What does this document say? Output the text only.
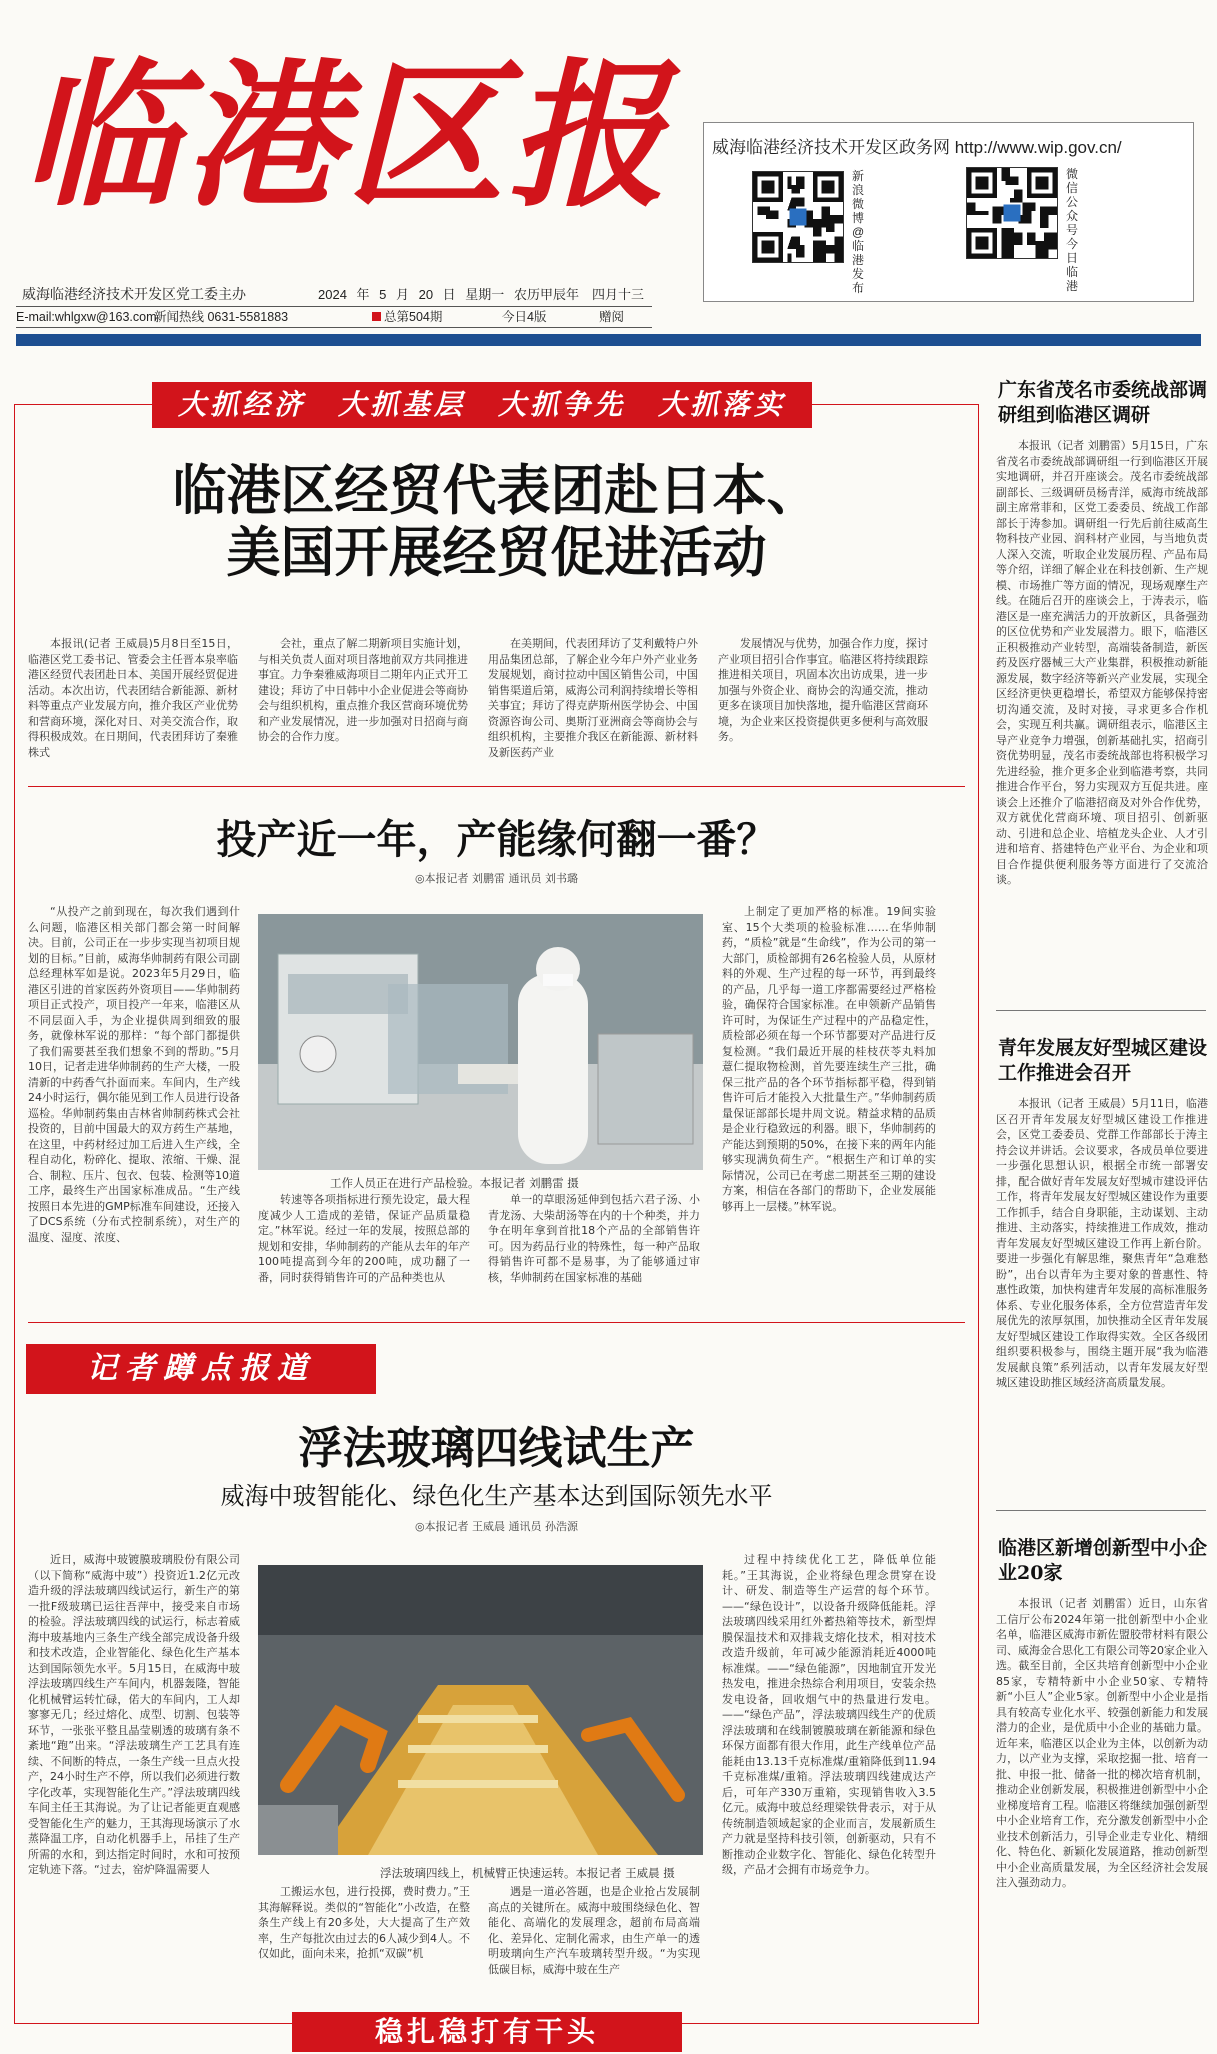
临港区报
威海临港经济技术开发区党工委主办	2024 年 5 月 20 日 星期一 农历甲辰年　四月十三
E-mail:whlgxw@163.com
新闻热线 0631-5581883	总第504期	今日4版	赠阅
威海临港经济技术开发区政务网 http://www.wip.gov.cn/
新浪微博@临港发布
微信公众号今日临港
大抓经济　大抓基层　大抓争先　大抓落实
临港区经贸代表团赴日本、
美国开展经贸促进活动
本报讯(记者 王威晨)5月8日至15日，临港区党工委书记、管委会主任晋本泉率临港区经贸代表团赴日本、美国开展经贸促进活动。本次出访，代表团结合新能源、新材料等重点产业发展方向，推介我区产业优势和营商环境，深化对日、对美交流合作，取得积极成效。在日期间，代表团拜访了秦雅株式
会社，重点了解二期新项目实施计划，与相关负责人面对项目落地前双方共同推进事宜。力争秦雅威海项目二期年内正式开工建设；拜访了中日韩中小企业促进会等商协会与组织机构，重点推介我区营商环境优势和产业发展情况，进一步加强对日招商与商协会的合作力度。
在美期间，代表团拜访了艾利戴特户外用品集团总部，了解企业今年户外产业业务发展规划，商讨拉动中国区销售公司，中国销售渠道后第，威海公司利润持续增长等相关事宜；拜访了得克萨斯州医学协会、中国资源咨询公司、奥斯汀亚洲商会等商协会与组织机构，主要推介我区在新能源、新材料及新医药产业
发展情况与优势，加强合作力度，探讨产业项目招引合作事宜。临港区将持续跟踪推进相关项目，巩固本次出访成果，进一步加强与外资企业、商协会的沟通交流，推动更多在谈项目加快落地，提升临港区营商环境，为企业来区投资提供更多便利与高效服务。
投产近一年，产能缘何翻一番？
◎本报记者 刘鹏雷 通讯员 刘书璐
“从投产之前到现在，每次我们遇到什么问题，临港区相关部门都会第一时间解决。目前，公司正在一步步实现当初项目规划的目标。”目前，威海华帅制药有限公司副总经理林军如是说。2023年5月29日，临港区引进的首家医药外资项目——华帅制药项目正式投产，项目投产一年来，临港区从不同层面入手，为企业提供周到细致的服务，就像林军说的那样：“每个部门都提供了我们需要甚至我们想象不到的帮助。”5月10日，记者走进华帅制药的生产大楼，一股清新的中药香气扑面而来。车间内，生产线24小时运行，偶尔能见到工作人员进行设备巡检。华帅制药集由吉林省帅制药株式会社投资的，目前中国最大的双方药生产基地，在这里，中药材经过加工后进入生产线，全程自动化，粉碎化、提取、浓缩、干燥、混合、制粒、压片、包衣、包装、检测等10道工序，最终生产出国家标准成品。“生产线按照日本先进的GMP标准车间建设，还接入了DCS系统（分布式控制系统），对生产的温度、湿度、浓度、
工作人员正在进行产品检验。本报记者 刘鹏雷 摄
转速等各项指标进行预先设定，最大程度减少人工造成的差错，保证产品质量稳定。”林军说。经过一年的发展，按照总部的规划和安排，华帅制药的产能从去年的年产100吨提高到今年的200吨，成功翻了一番，同时获得销售许可的产品种类也从
单一的草眼汤延伸到包括六君子汤、小青龙汤、大柴胡汤等在内的十个种类，并力争在明年拿到首批18个产品的全部销售许可。因为药品行业的特殊性，每一种产品取得销售许可都不是易事，为了能够通过审核，华帅制药在国家标准的基础
上制定了更加严格的标准。19间实验室、15个大类项的检验标准……在华帅制药，“质检”就是“生命线”，作为公司的第一大部门，质检部拥有26名检验人员，从原材料的外观、生产过程的每一环节，再到最终的产品，几乎每一道工序都需要经过严格检验，确保符合国家标准。在申领新产品销售许可时，为保证生产过程中的产品稳定性，质检部必须在每一个环节都要对产品进行反复检测。“我们最近开展的桂枝茯苓丸料加薏仁提取物检测，首先要连续生产三批，确保三批产品的各个环节指标都平稳，得到销售许可后才能投入大批量生产。”华帅制药质量保证部部长堤井周文说。精益求精的品质是企业行稳致远的利器。眼下，华帅制药的产能达到预期的50%，在接下来的两年内能够实现满负荷生产。“根据生产和订单的实际情况，公司已在考虑二期甚至三期的建设方案，相信在各部门的帮助下，企业发展能够再上一层楼。”林军说。
记者蹲点报道
浮法玻璃四线试生产
威海中玻智能化、绿色化生产基本达到国际领先水平
◎本报记者 王威晨 通讯员 孙浩源
近日，威海中玻镀膜玻璃股份有限公司（以下简称“威海中玻”）投资近1.2亿元改造升级的浮法玻璃四线试运行，新生产的第一批F级玻璃已运往吾萍中，接受来自市场的检验。浮法玻璃四线的试运行，标志着威海中玻基地内三条生产线全部完成设备升级和技术改造，企业智能化、绿色化生产基本达到国际领先水平。5月15日，在威海中玻浮法玻璃四线生产车间内，机器轰隆，智能化机械臂运转忙碌，偌大的车间内，工人却寥寥无几；经过熔化、成型、切割、包装等环节，一张张平整且晶莹剔透的玻璃有条不紊地“跑”出来。“浮法玻璃生产工艺具有连续、不间断的特点，一条生产线一旦点火投产，24小时生产不停，所以我们必须进行数字化改革，实现智能化生产。”浮法玻璃四线车间主任王其海说。为了让记者能更直观感受智能化生产的魅力，王其海现场演示了水蒸降温工序，自动化机器手上，吊挂了生产所需的水和，到达指定时间时，水和可按预定轨迹下落。“过去，窑炉降温需要人	浮法玻璃四线上，机械臂正快速运转。本报记者 王威晨 摄
工搬运水包，进行投掷，费时费力。”王其海解释说。类似的“智能化”小改造，在整条生产线上有20多处，大大提高了生产效率，生产每批次由过去的6人减少到4人。不仅如此，面向未来，抢抓“双碳”机
遇是一道必答题，也是企业抢占发展制高点的关键所在。威海中玻围绕绿色化、智能化、高端化的发展理念，超前布局高端化、差异化、定制化需求，由生产单一的透明玻璃向生产汽车玻璃转型升级。“为实现低碳目标，威海中玻在生产
过程中持续优化工艺，降低单位能耗。”王其海说，企业将绿色理念贯穿在设计、研发、制造等生产运营的每个环节。——“绿色设计”，以设备升级降低能耗。浮法玻璃四线采用红外蓄热箱等技术，新型焊膜保温技术和双排栽支熔化技术，相对技术改造升级前，年可减少能源消耗近4000吨标准煤。——“绿色能源”，因地制宜开发光热发电，推进余热综合利用项目，安装余热发电设备，回收烟气中的热量进行发电。——“绿色产品”，浮法玻璃四线生产的优质浮法玻璃和在线制镀膜玻璃在新能源和绿色环保方面都有很大作用，此生产线单位产品能耗由13.13千克标准煤/重箱降低到11.94千克标准煤/重箱。浮法玻璃四线建成达产后，可年产330万重箱，实现销售收入3.5亿元。威海中玻总经理梁铁骨表示，对于从传统制造领域起家的企业而言，发展新质生产力就是坚持科技引领，创新驱动，只有不断推动企业数字化、智能化、绿色化转型升级，产品才会拥有市场竞争力。
稳扎稳打有干头
广东省茂名市委统战部调研组到临港区调研
本报讯（记者 刘鹏雷）5月15日，广东省茂名市委统战部调研组一行到临港区开展实地调研，并召开座谈会。茂名市委统战部副部长、三级调研员杨青洋，威海市统战部副主席常菲和，区党工委委员、统战工作部部长于涛参加。调研组一行先后前往威高生物科技产业园、润科材产业园，与当地负责人深入交流，听取企业发展历程、产品布局等介绍，详细了解企业在科技创新、生产规模、市场推广等方面的情况，现场观摩生产线。在随后召开的座谈会上，于涛表示，临港区是一座充满活力的开放新区，具备强劲的区位优势和产业发展潜力。眼下，临港区正积极推动产业转型，高端装备制造，新医药及医疗器械三大产业集群，积极推动新能源发展，数字经济等新兴产业发展，实现全区经济更快更稳增长，希望双方能够保持密切沟通交流，及时对接，寻求更多合作机会，实现互利共赢。调研组表示，临港区主导产业竞争力增强，创新基础扎实，招商引资优势明显，茂名市委统战部也将积极学习先进经验，推介更多企业到临港考察，共同推进合作平台，努力实现双方互促共进。座谈会上还推介了临港招商及对外合作优势，双方就优化营商环境、项目招引、创新驱动、引进和总企业、培植龙头企业、人才引进和培育、搭建特色产业平台、为企业和项目合作提供便利服务等方面进行了交流洽谈。
青年发展友好型城区建设工作推进会召开
本报讯（记者 王威晨）5月11日，临港区召开青年发展友好型城区建设工作推进会，区党工委委员、党群工作部部长于涛主持会议并讲话。会议要求，各成员单位要进一步强化思想认识，根据全市统一部署安排，配合做好青年发展友好型城市建设评估工作，将青年发展友好型城区建设作为重要工作抓手，结合自身职能，主动谋划、主动推进、主动落实，持续推进工作成效，推动青年发展友好型城区建设工作再上新台阶。要进一步强化有解思维，聚焦青年“急难愁盼”，出台以青年为主要对象的普惠性、特惠性政策，加快构建青年发展的高标准服务体系、专业化服务体系，全方位营造青年发展优先的浓厚氛围，加快推动全区青年发展友好型城区建设工作取得实效。全区各级团组织要积极参与，围绕主题开展“我为临港发展献良策”系列活动，以青年发展友好型城区建设助推区域经济高质量发展。
临港区新增创新型中小企业20家
本报讯（记者 刘鹏雷）近日，山东省工信厅公布2024年第一批创新型中小企业名单，临港区威海市新佐盟胶带材料有限公司、威海金合思化工有限公司等20家企业入选。截至目前，全区共培育创新型中小企业85家，专精特新中小企业50家、专精特新“小巨人”企业5家。创新型中小企业是指具有较高专业化水平、较强创新能力和发展潜力的企业，是优质中小企业的基础力量。近年来，临港区以企业为主体，以创新为动力，以产业为支撑，采取挖掘一批、培育一批、申报一批、储备一批的梯次培育机制，推动企业创新发展，积极推进创新型中小企业梯度培育工程。临港区将继续加强创新型中小企业培育工作，充分激发创新型中小企业技术创新活力，引导企业走专业化、精细化、特色化、新颖化发展道路，推动创新型中小企业高质量发展，为全区经济社会发展注入强劲动力。
